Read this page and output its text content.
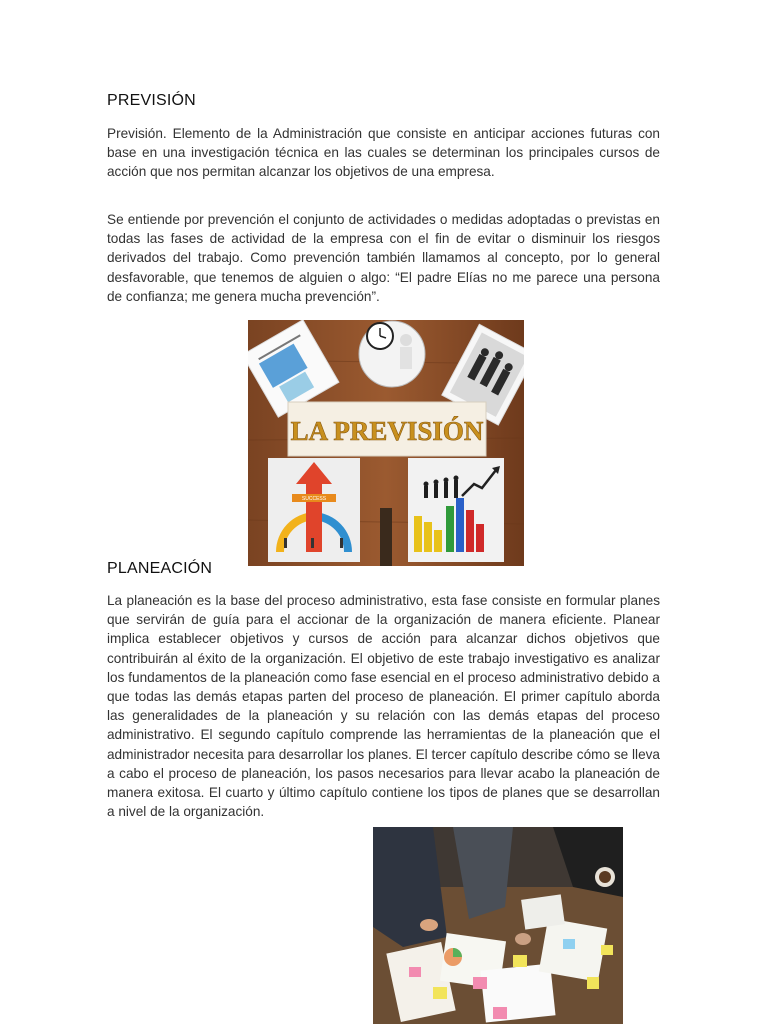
PREVISIÓN

Previsión. Elemento de la Administración que consiste en anticipar acciones futuras con base en una investigación técnica en las cuales se determinan los principales cursos de acción que nos permitan alcanzar los objetivos de una empresa.

Se entiende por prevención el conjunto de actividades o medidas adoptadas o previstas en todas las fases de actividad de la empresa con el fin de evitar o disminuir los riesgos derivados del trabajo. Como prevención también llamamos al concepto, por lo general desfavorable, que tenemos de alguien o algo: “El padre Elías no me parece una persona de confianza; me genera mucha prevención”.

LA PREVISIÓN
SUCCESS
PLANEACIÓN

La planeación es la base del proceso administrativo, esta fase consiste en formular planes que servirán de guía para el accionar de la organización de manera eficiente. Planear implica establecer objetivos y cursos de acción para alcanzar dichos objetivos que contribuirán al éxito de la organización. El objetivo de este trabajo investigativo es analizar los fundamentos de la planeación como fase esencial en el proceso administrativo debido a que todas las demás etapas parten del proceso de planeación. El primer capítulo aborda las generalidades de la planeación y su relación con las demás etapas del proceso administrativo. El segundo capítulo comprende las herramientas de la planeación que el administrador necesita para desarrollar los planes. El tercer capítulo describe cómo se lleva a cabo el proceso de planeación, los pasos necesarios para llevar acabo la planeación de manera exitosa. El cuarto y último capítulo contiene los tipos de planes que se desarrollan a nivel de la organización.
